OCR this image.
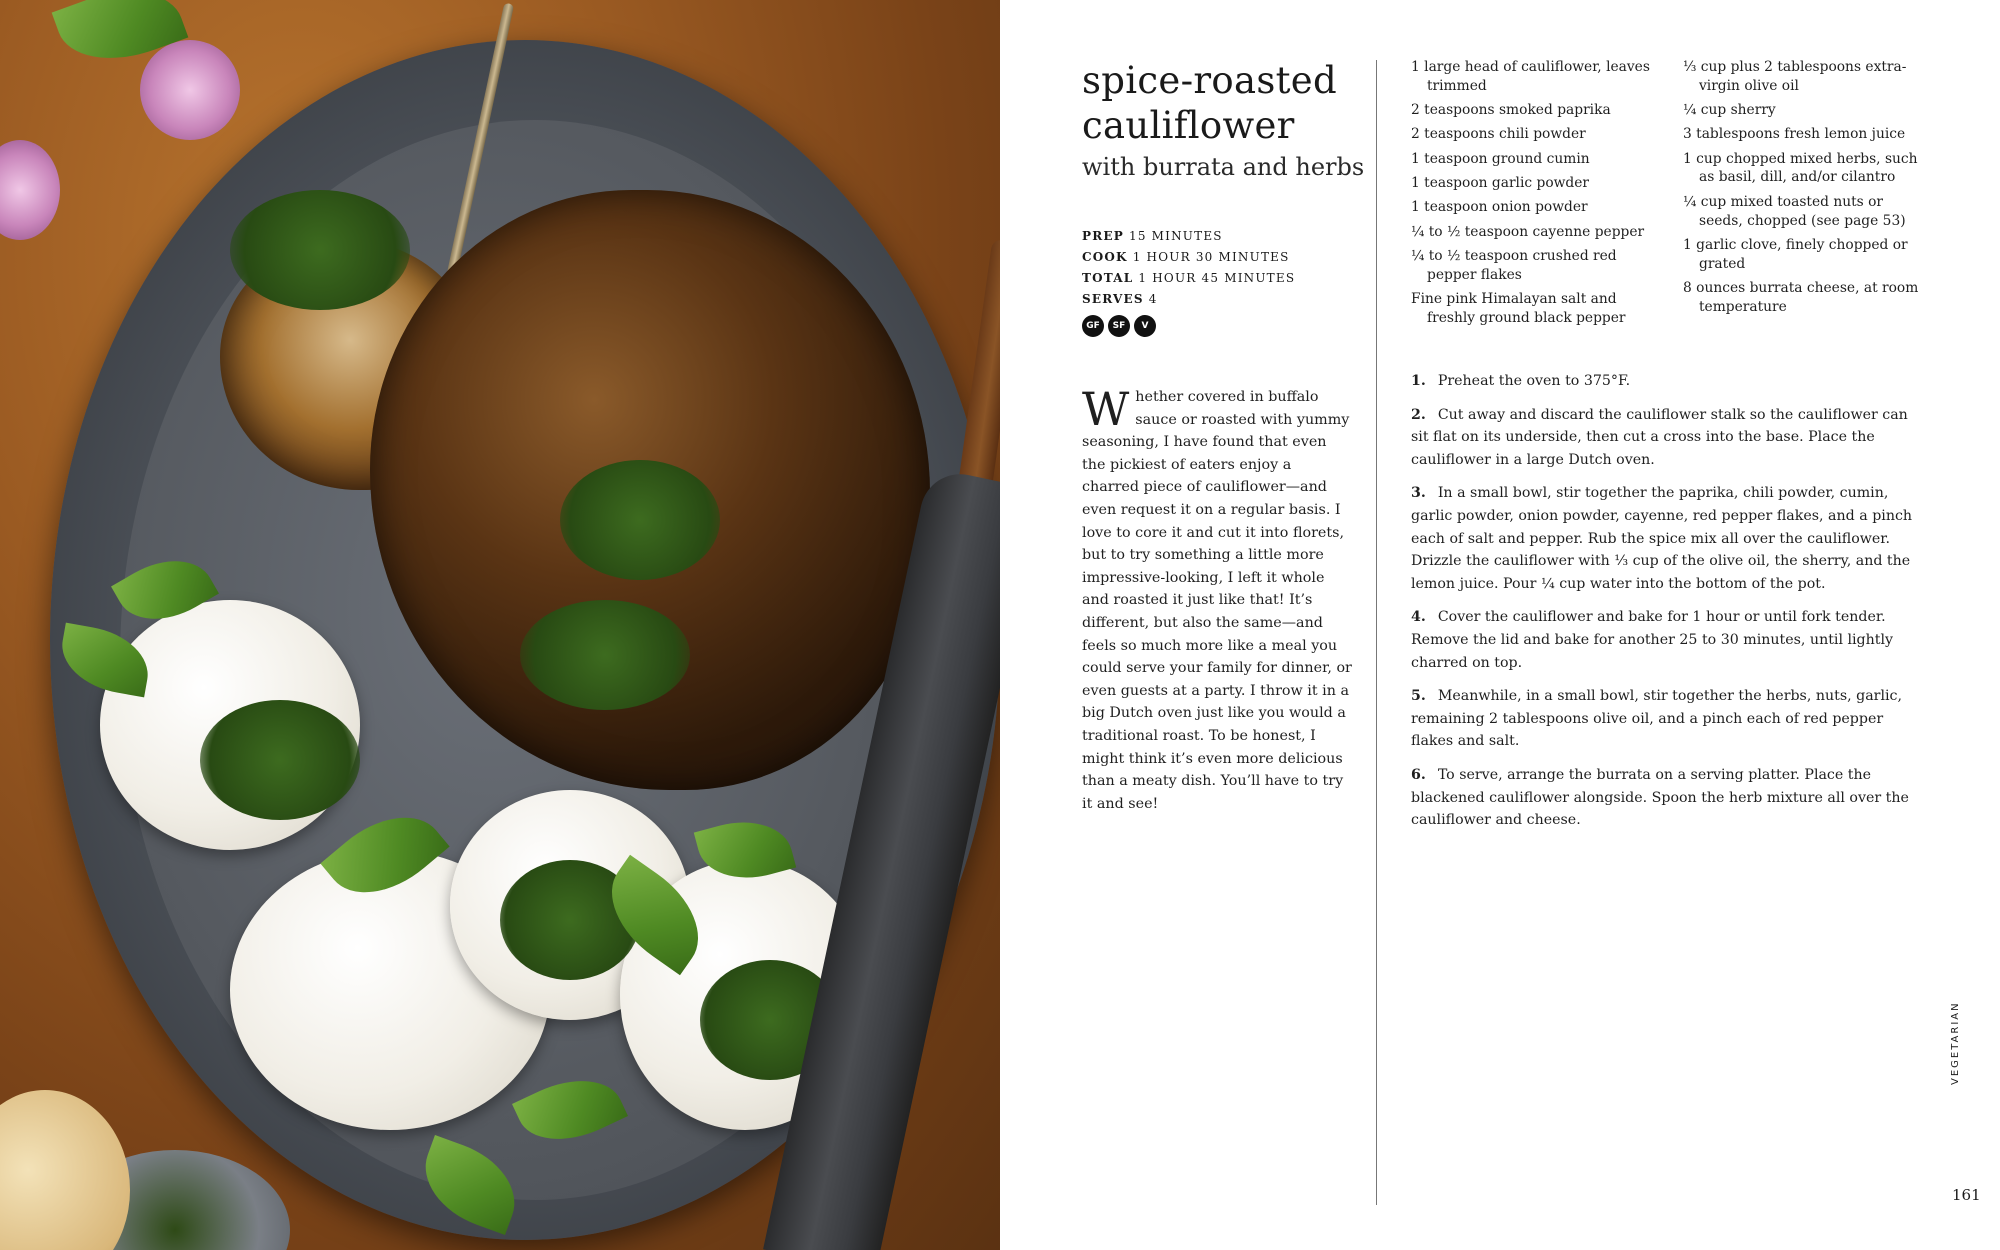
spice-roasted
cauliflower
with burrata and herbs
PREP 15 MINUTES
COOK 1 HOUR 30 MINUTES
TOTAL 1 HOUR 45 MINUTES
SERVES 4
GF	SF	V
Whether covered in buffalo sauce or roasted with yummy seasoning, I have found that even the pickiest of eaters enjoy a charred piece of cauliflower—and even request it on a regular basis. I love to core it and cut it into florets, but to try something a little more impressive-looking, I left it whole and roasted it just like that! It’s different, but also the same—and feels so much more like a meal you could serve your family for dinner, or even guests at a party. I throw it in a big Dutch oven just like you would a traditional roast. To be honest, I might think it’s even more delicious than a meaty dish. You’ll have to try it and see!
1 large head of cauliflower, leaves trimmed
2 teaspoons smoked paprika
2 teaspoons chili powder
1 teaspoon ground cumin
1 teaspoon garlic powder
1 teaspoon onion powder
¼ to ½ teaspoon cayenne pepper
¼ to ½ teaspoon crushed red pepper flakes
Fine pink Himalayan salt and freshly ground black pepper
⅓ cup plus 2 tablespoons extra-virgin olive oil
¼ cup sherry
3 tablespoons fresh lemon juice
1 cup chopped mixed herbs, such as basil, dill, and/or cilantro
¼ cup mixed toasted nuts or seeds, chopped (see page 53)
1 garlic clove, finely chopped or grated
8 ounces burrata cheese, at room temperature

1. Preheat the oven to 375°F.

2. Cut away and discard the cauliflower stalk so the cauliflower can sit flat on its underside, then cut a cross into the base. Place the cauliflower in a large Dutch oven.

3. In a small bowl, stir together the paprika, chili powder, cumin, garlic powder, onion powder, cayenne, red pepper flakes, and a pinch each of salt and pepper. Rub the spice mix all over the cauliflower. Drizzle the cauliflower with ⅓ cup of the olive oil, the sherry, and the lemon juice. Pour ¼ cup water into the bottom of the pot.

4. Cover the cauliflower and bake for 1 hour or until fork tender. Remove the lid and bake for another 25 to 30 minutes, until lightly charred on top.

5. Meanwhile, in a small bowl, stir together the herbs, nuts, garlic, remaining 2 tablespoons olive oil, and a pinch each of red pepper flakes and salt.

6. To serve, arrange the burrata on a serving platter. Place the blackened cauliflower alongside. Spoon the herb mixture all over the cauliflower and cheese.

VEGETARIAN
161
